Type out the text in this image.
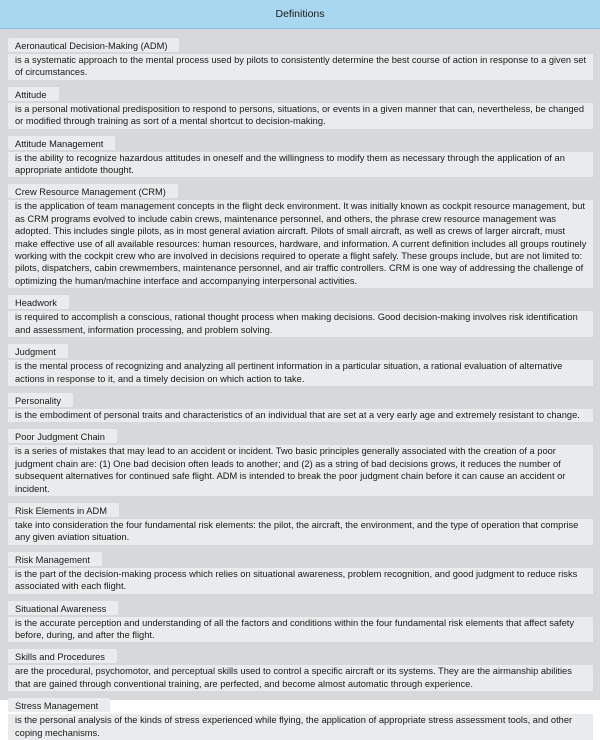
Definitions
Aeronautical Decision-Making (ADM)
is a systematic approach to the mental process used by pilots to consistently determine the best course of action in response to a given set of circumstances.
Attitude
is a personal motivational predisposition to respond to persons, situations, or events in a given manner that can, nevertheless, be changed or modified through training as sort of a mental shortcut to decision-making.
Attitude Management
is the ability to recognize hazardous attitudes in oneself and the willingness to modify them as necessary through the application of an appropriate antidote thought.
Crew Resource Management (CRM)
is the application of team management concepts in the flight deck environment. It was initially known as cockpit resource management, but as CRM programs evolved to include cabin crews, maintenance personnel, and others, the phrase crew resource management was adopted. This includes single pilots, as in most general aviation aircraft. Pilots of small aircraft, as well as crews of larger aircraft, must make effective use of all available resources: human resources, hardware, and information. A current definition includes all groups routinely working with the cockpit crew who are involved in decisions required to operate a flight safely. These groups include, but are not limited to: pilots, dispatchers, cabin crewmembers, maintenance personnel, and air traffic controllers. CRM is one way of addressing the challenge of optimizing the human/machine interface and accompanying interpersonal activities.
Headwork
is required to accomplish a conscious, rational thought process when making decisions. Good decision-making involves risk identification and assessment, information processing, and problem solving.
Judgment
is the mental process of recognizing and analyzing all pertinent information in a particular situation, a rational evaluation of alternative actions in response to it, and a timely decision on which action to take.
Personality
is the embodiment of personal traits and characteristics of an individual that are set at a very early age and extremely resistant to change.
Poor Judgment Chain
is a series of mistakes that may lead to an accident or incident. Two basic principles generally associated with the creation of a poor judgment chain are: (1) One bad decision often leads to another; and (2) as a string of bad decisions grows, it reduces the number of subsequent alternatives for continued safe flight. ADM is intended to break the poor judgment chain before it can cause an accident or incident.
Risk Elements in ADM
take into consideration the four fundamental risk elements: the pilot, the aircraft, the environment, and the type of operation that comprise any given aviation situation.
Risk Management
is the part of the decision-making process which relies on situational awareness, problem recognition, and good judgment to reduce risks associated with each flight.
Situational Awareness
is the accurate perception and understanding of all the factors and conditions within the four fundamental risk elements that affect safety before, during, and after the flight.
Skills and Procedures
are the procedural, psychomotor, and perceptual skills used to control a specific aircraft or its systems. They are the airmanship abilities that are gained through conventional training, are perfected, and become almost automatic through experience.
Stress Management
is the personal analysis of the kinds of stress experienced while flying, the application of appropriate stress assessment tools, and other coping mechanisms.
